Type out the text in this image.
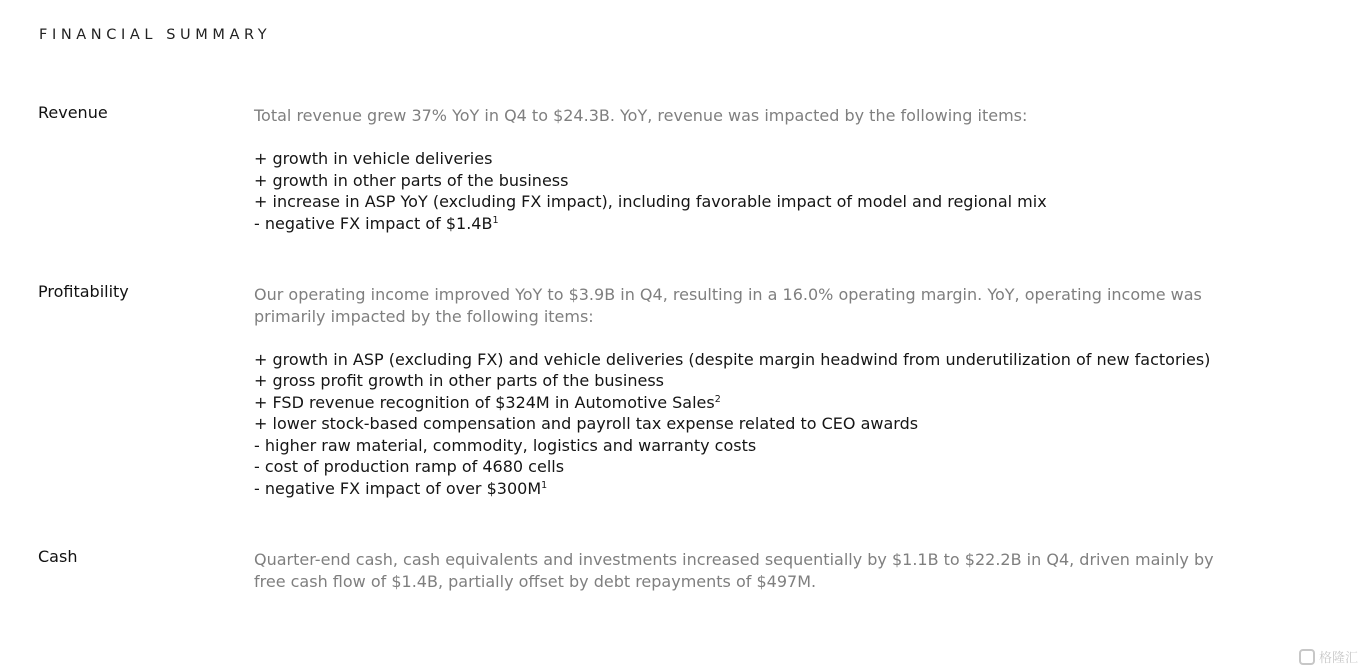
FINANCIAL SUMMARY
Revenue	Total revenue grew 37% YoY in Q4 to $24.3B. YoY, revenue was impacted by the following items:

+ growth in vehicle deliveries
+ growth in other parts of the business
+ increase in ASP YoY (excluding FX impact), including favorable impact of model and regional mix
- negative FX impact of $\$1.4B^1$
Profitability	Our operating income improved YoY to $3.9B in Q4, resulting in a 16.0% operating margin. YoY, operating income was primarily impacted by the following items:

+ growth in ASP (excluding FX) and vehicle deliveries (despite margin headwind from underutilization of new factories)
+ gross profit growth in other parts of the business
+ FSD revenue recognition of $324M in Automotive Sales$^2$
+ lower stock-based compensation and payroll tax expense related to CEO awards
- higher raw material, commodity, logistics and warranty costs
- cost of production ramp of 4680 cells
- negative FX impact of over $\$300M^1$
Cash	Quarter-end cash, cash equivalents and investments increased sequentially by $1.1B to $22.2B in Q4, driven mainly by free cash flow of $1.4B, partially offset by debt repayments of $497M.

格隆汇
